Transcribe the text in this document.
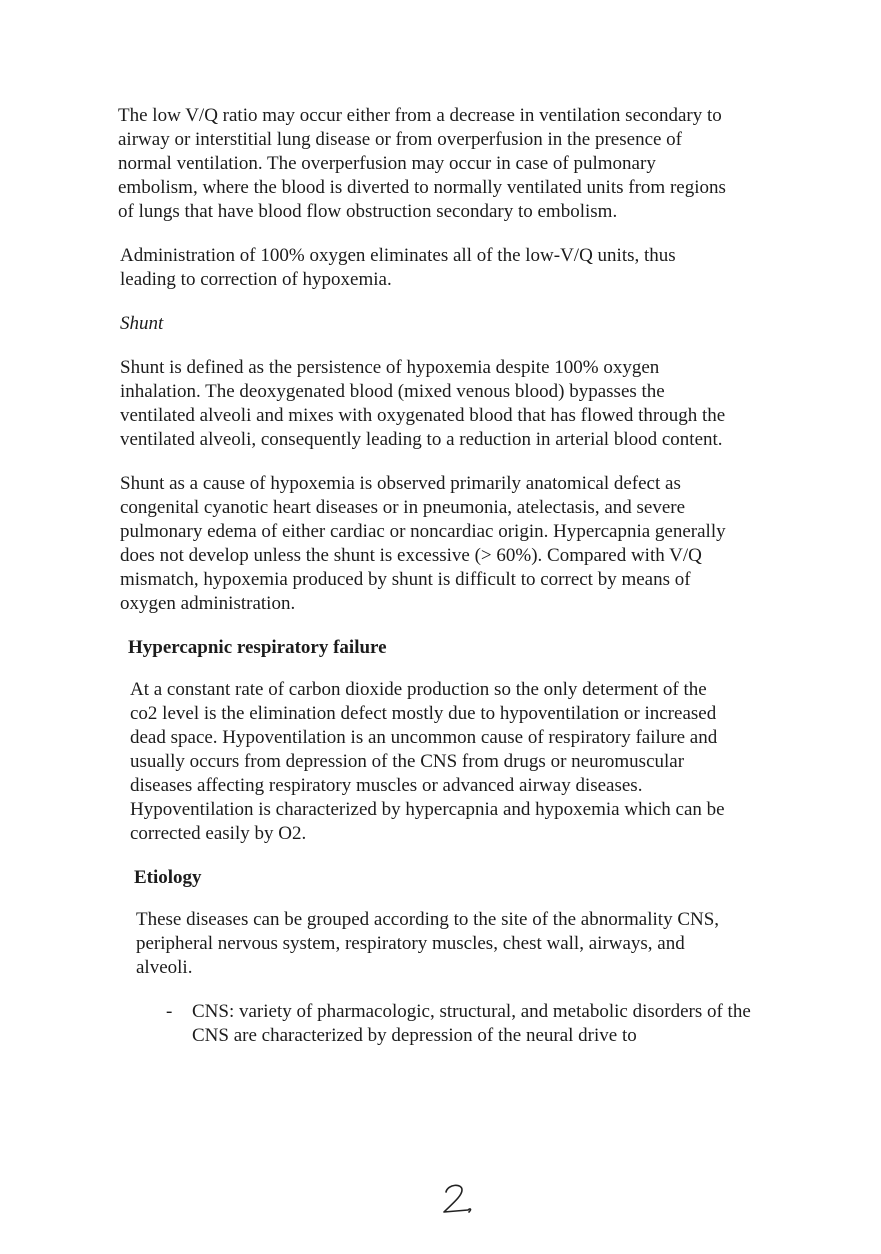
The low V/Q ratio may occur either from a decrease in ventilation secondary to airway or interstitial lung disease or from overperfusion in the presence of normal ventilation. The overperfusion may occur in case of pulmonary embolism, where the blood is diverted to normally ventilated units from regions of lungs that have blood flow obstruction secondary to embolism.

Administration of 100% oxygen eliminates all of the low-V/Q units, thus leading to correction of hypoxemia.

Shunt

Shunt is defined as the persistence of hypoxemia despite 100% oxygen inhalation. The deoxygenated blood (mixed venous blood) bypasses the ventilated alveoli and mixes with oxygenated blood that has flowed through the ventilated alveoli, consequently leading to a reduction in arterial blood content.

Shunt as a cause of hypoxemia is observed primarily anatomical defect as congenital cyanotic heart diseases or in pneumonia, atelectasis, and severe pulmonary edema of either cardiac or noncardiac origin. Hypercapnia generally does not develop unless the shunt is excessive (> 60%). Compared with V/Q mismatch, hypoxemia produced by shunt is difficult to correct by means of oxygen administration.

Hypercapnic respiratory failure

At a constant rate of carbon dioxide production so the only determent of the co2 level is the elimination defect mostly due to hypoventilation or increased dead space. Hypoventilation is an uncommon cause of respiratory failure and usually occurs from depression of the CNS from drugs or neuromuscular diseases affecting respiratory muscles or advanced airway diseases. Hypoventilation is characterized by hypercapnia and hypoxemia which can be corrected easily by O2.

Etiology

These diseases can be grouped according to the site of the abnormality CNS, peripheral nervous system, respiratory muscles, chest wall, airways, and alveoli.

-	CNS: variety of pharmacologic, structural, and metabolic disorders of the CNS are characterized by depression of the neural drive to
